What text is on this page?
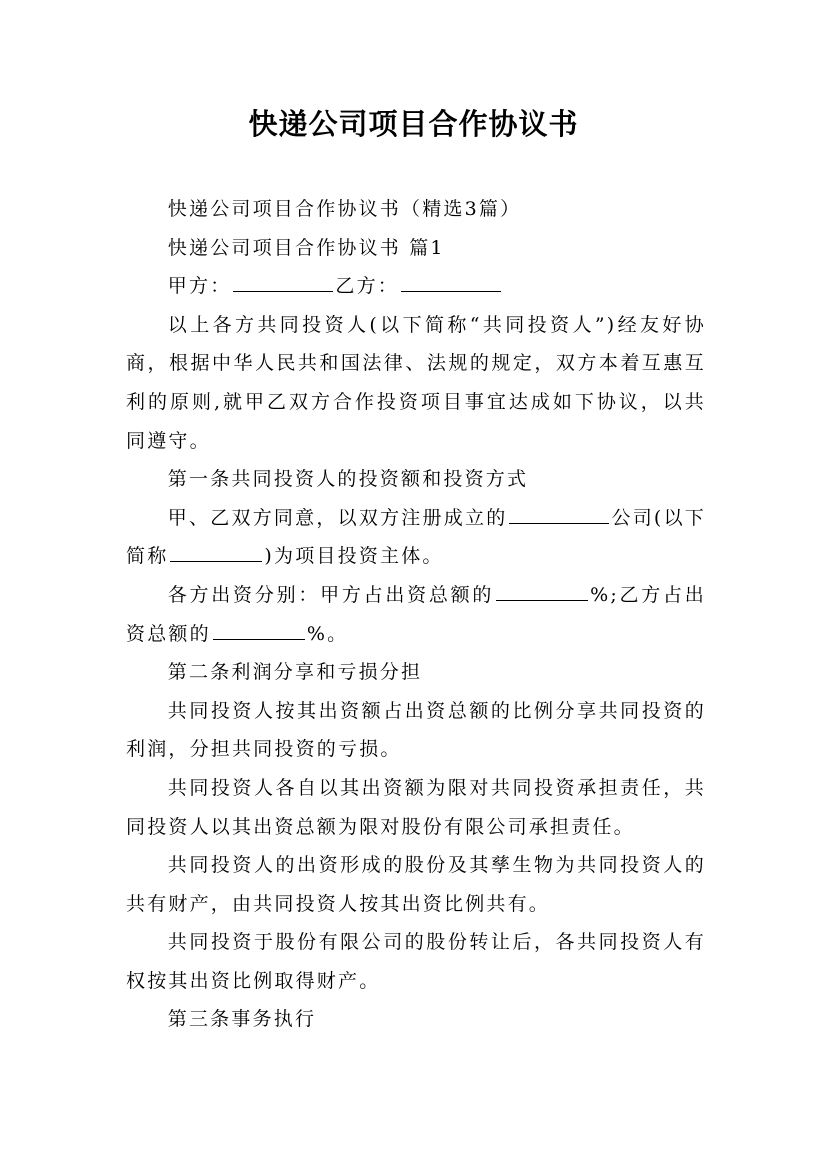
快递公司项目合作协议书

快递公司项目合作协议书（精选3篇）

快递公司项目合作协议书 篇1

甲方：	乙方：

以上各方共同投资人(以下简称“共同投资人”)经友好协商，根据中华人民共和国法律、法规的规定，双方本着互惠互利的原则,就甲乙双方合作投资项目事宜达成如下协议，以共同遵守。

第一条共同投资人的投资额和投资方式

甲、乙双方同意，以双方注册成立的	公司(以下简称	)为项目投资主体。

各方出资分别：甲方占出资总额的	%;乙方占出资总额的	%。

第二条利润分享和亏损分担

共同投资人按其出资额占出资总额的比例分享共同投资的利润，分担共同投资的亏损。

共同投资人各自以其出资额为限对共同投资承担责任，共同投资人以其出资总额为限对股份有限公司承担责任。

共同投资人的出资形成的股份及其孳生物为共同投资人的共有财产，由共同投资人按其出资比例共有。

共同投资于股份有限公司的股份转让后，各共同投资人有权按其出资比例取得财产。

第三条事务执行
